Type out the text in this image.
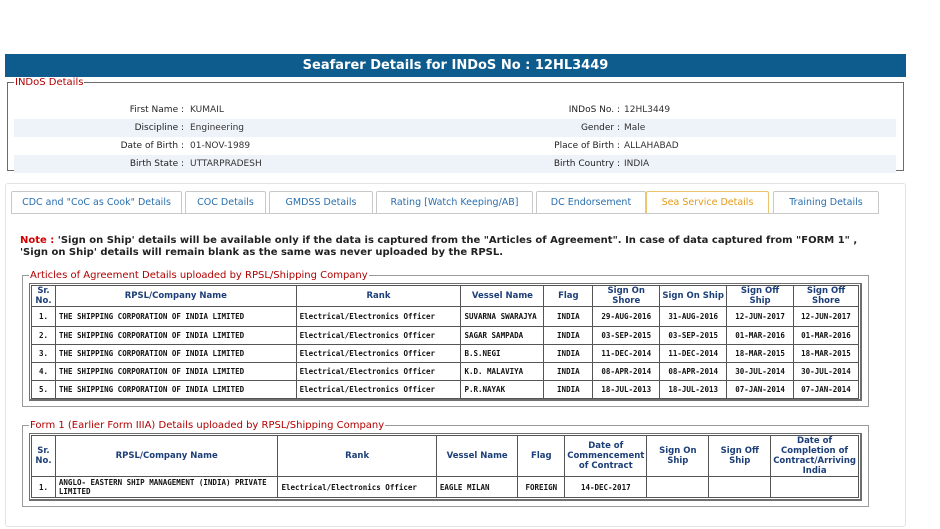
Seafarer Details for INDoS No : 12HL3449
INDoS Details
First Name : KUMAIL	INDoS No. : 12HL3449
Discipline : Engineering	Gender : Male
Date of Birth : 01-NOV-1989	Place of Birth : ALLAHABAD
Birth State : UTTARPRADESH	Birth Country : INDIA
CDC and "CoC as Cook" Details	COC Details	GMDSS Details	Rating [Watch Keeping/AB]	DC Endorsement	Sea Service Details	Training Details
Note : 'Sign on Ship' details will be available only if the data is captured from the "Articles of Agreement". In case of data captured from "FORM 1" , 'Sign on Ship' details will remain blank as the same was never uploaded by the RPSL.
Articles of Agreement Details uploaded by RPSL/Shipping Company
Sr. No.	RPSL/Company Name	Rank	Vessel Name	Flag	Sign On Shore	Sign On Ship	Sign Off Ship	Sign Off Shore
1.	THE SHIPPING CORPORATION OF INDIA LIMITED	Electrical/Electronics Officer	SUVARNA SWARAJYA	INDIA	29-AUG-2016	31-AUG-2016	12-JUN-2017	12-JUN-2017
2.	THE SHIPPING CORPORATION OF INDIA LIMITED	Electrical/Electronics Officer	SAGAR SAMPADA	INDIA	03-SEP-2015	03-SEP-2015	01-MAR-2016	01-MAR-2016
3.	THE SHIPPING CORPORATION OF INDIA LIMITED	Electrical/Electronics Officer	B.S.NEGI	INDIA	11-DEC-2014	11-DEC-2014	18-MAR-2015	18-MAR-2015
4.	THE SHIPPING CORPORATION OF INDIA LIMITED	Electrical/Electronics Officer	K.D. MALAVIYA	INDIA	08-APR-2014	08-APR-2014	30-JUL-2014	30-JUL-2014
5.	THE SHIPPING CORPORATION OF INDIA LIMITED	Electrical/Electronics Officer	P.R.NAYAK	INDIA	18-JUL-2013	18-JUL-2013	07-JAN-2014	07-JAN-2014
Form 1 (Earlier Form IIIA) Details uploaded by RPSL/Shipping Company
Sr. No.	RPSL/Company Name	Rank	Vessel Name	Flag	Date of Commencement of Contract	Sign On Ship	Sign Off Ship	Date of Completion of Contract/Arriving India
1.	ANGLO- EASTERN SHIP MANAGEMENT (INDIA) PRIVATE LIMITED	Electrical/Electronics Officer	EAGLE MILAN	FOREIGN	14-DEC-2017			
